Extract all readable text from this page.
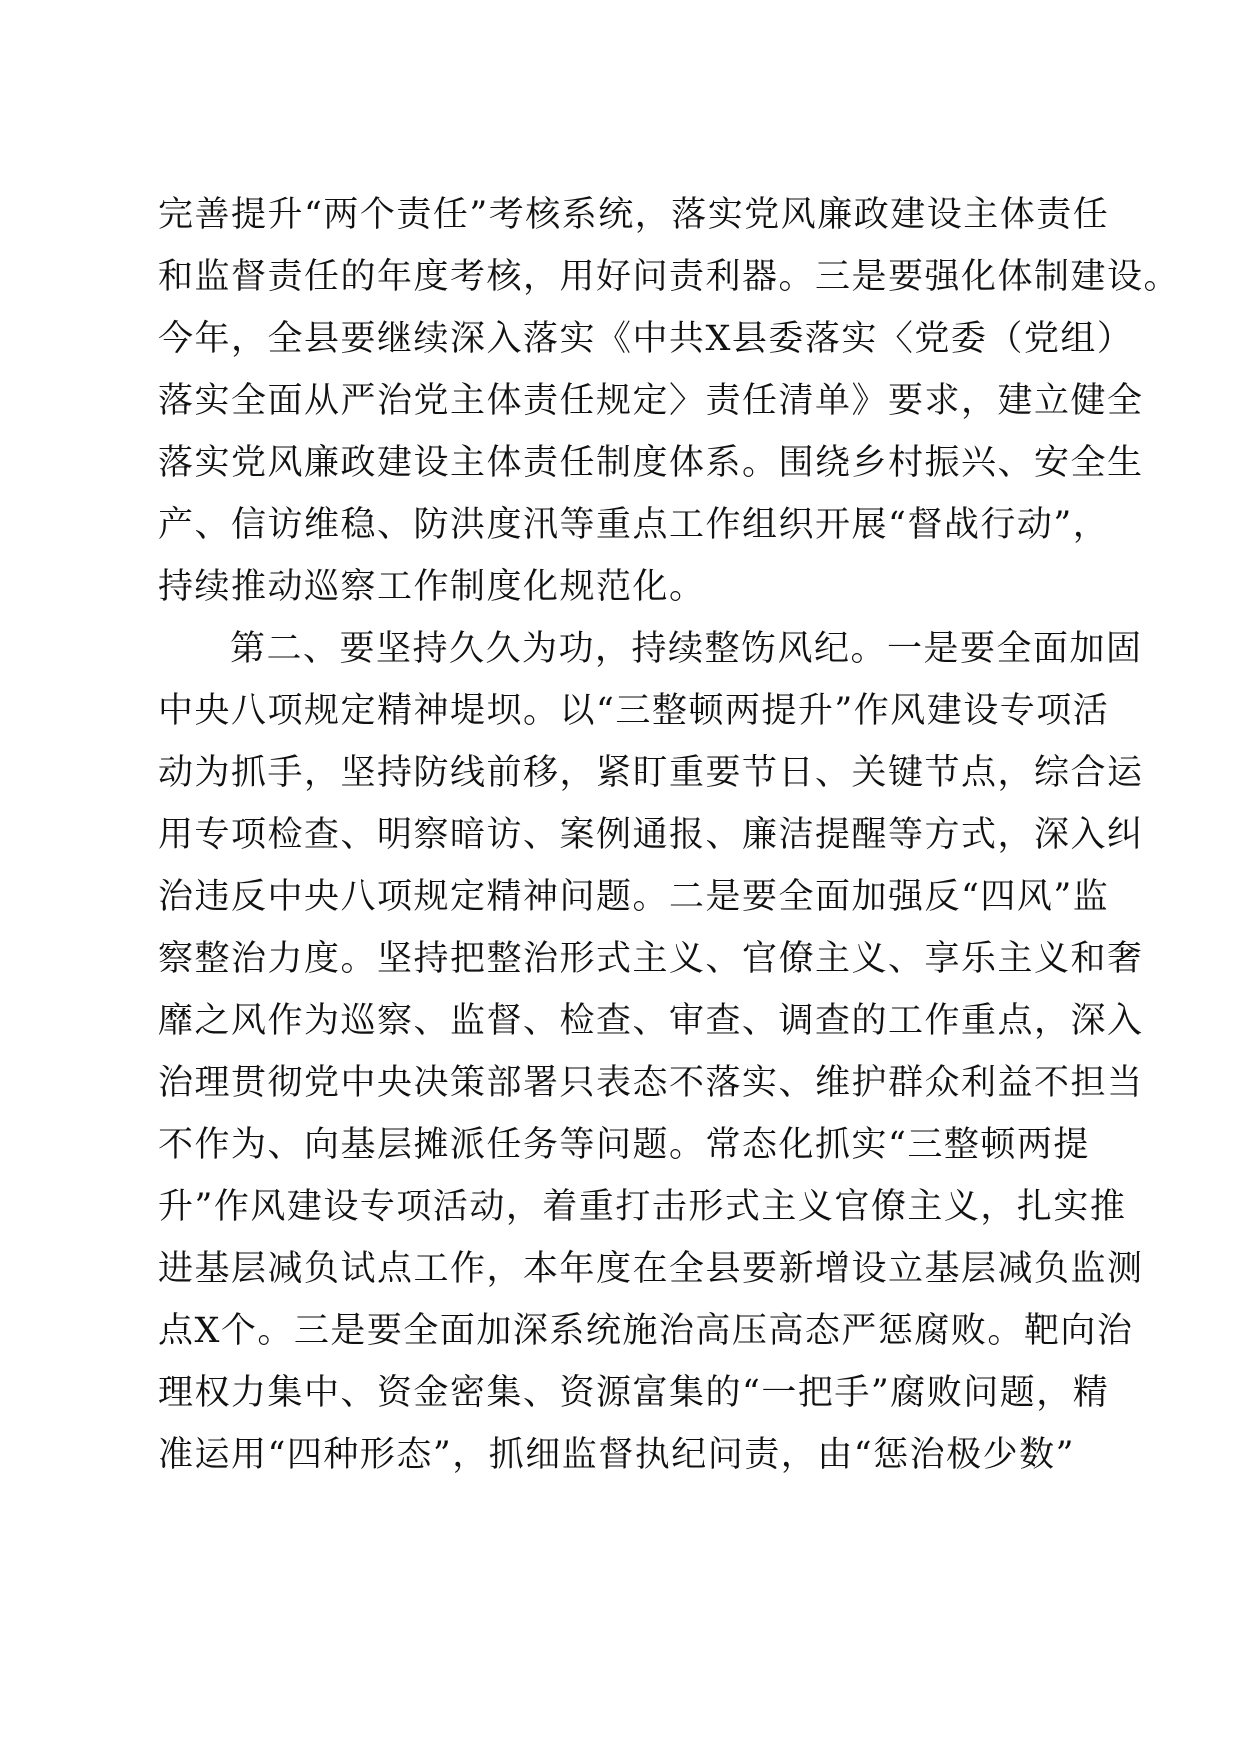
完善提升“两个责任”考核系统，落实党风廉政建设主体责任
和监督责任的年度考核，用好问责利器。三是要强化体制建设。
今年，全县要继续深入落实《中共X县委落实〈党委（党组）
落实全面从严治党主体责任规定〉责任清单》要求，建立健全
落实党风廉政建设主体责任制度体系。围绕乡村振兴、安全生
产、信访维稳、防洪度汛等重点工作组织开展“督战行动”，
持续推动巡察工作制度化规范化。
第二、要坚持久久为功，持续整饬风纪。一是要全面加固
中央八项规定精神堤坝。以“三整顿两提升”作风建设专项活
动为抓手，坚持防线前移，紧盯重要节日、关键节点，综合运
用专项检查、明察暗访、案例通报、廉洁提醒等方式，深入纠
治违反中央八项规定精神问题。二是要全面加强反“四风”监
察整治力度。坚持把整治形式主义、官僚主义、享乐主义和奢
靡之风作为巡察、监督、检查、审查、调查的工作重点，深入
治理贯彻党中央决策部署只表态不落实、维护群众利益不担当
不作为、向基层摊派任务等问题。常态化抓实“三整顿两提
升”作风建设专项活动，着重打击形式主义官僚主义，扎实推
进基层减负试点工作，本年度在全县要新增设立基层减负监测
点X个。三是要全面加深系统施治高压高态严惩腐败。靶向治
理权力集中、资金密集、资源富集的“一把手”腐败问题，精
准运用“四种形态”，抓细监督执纪问责，由“惩治极少数”
